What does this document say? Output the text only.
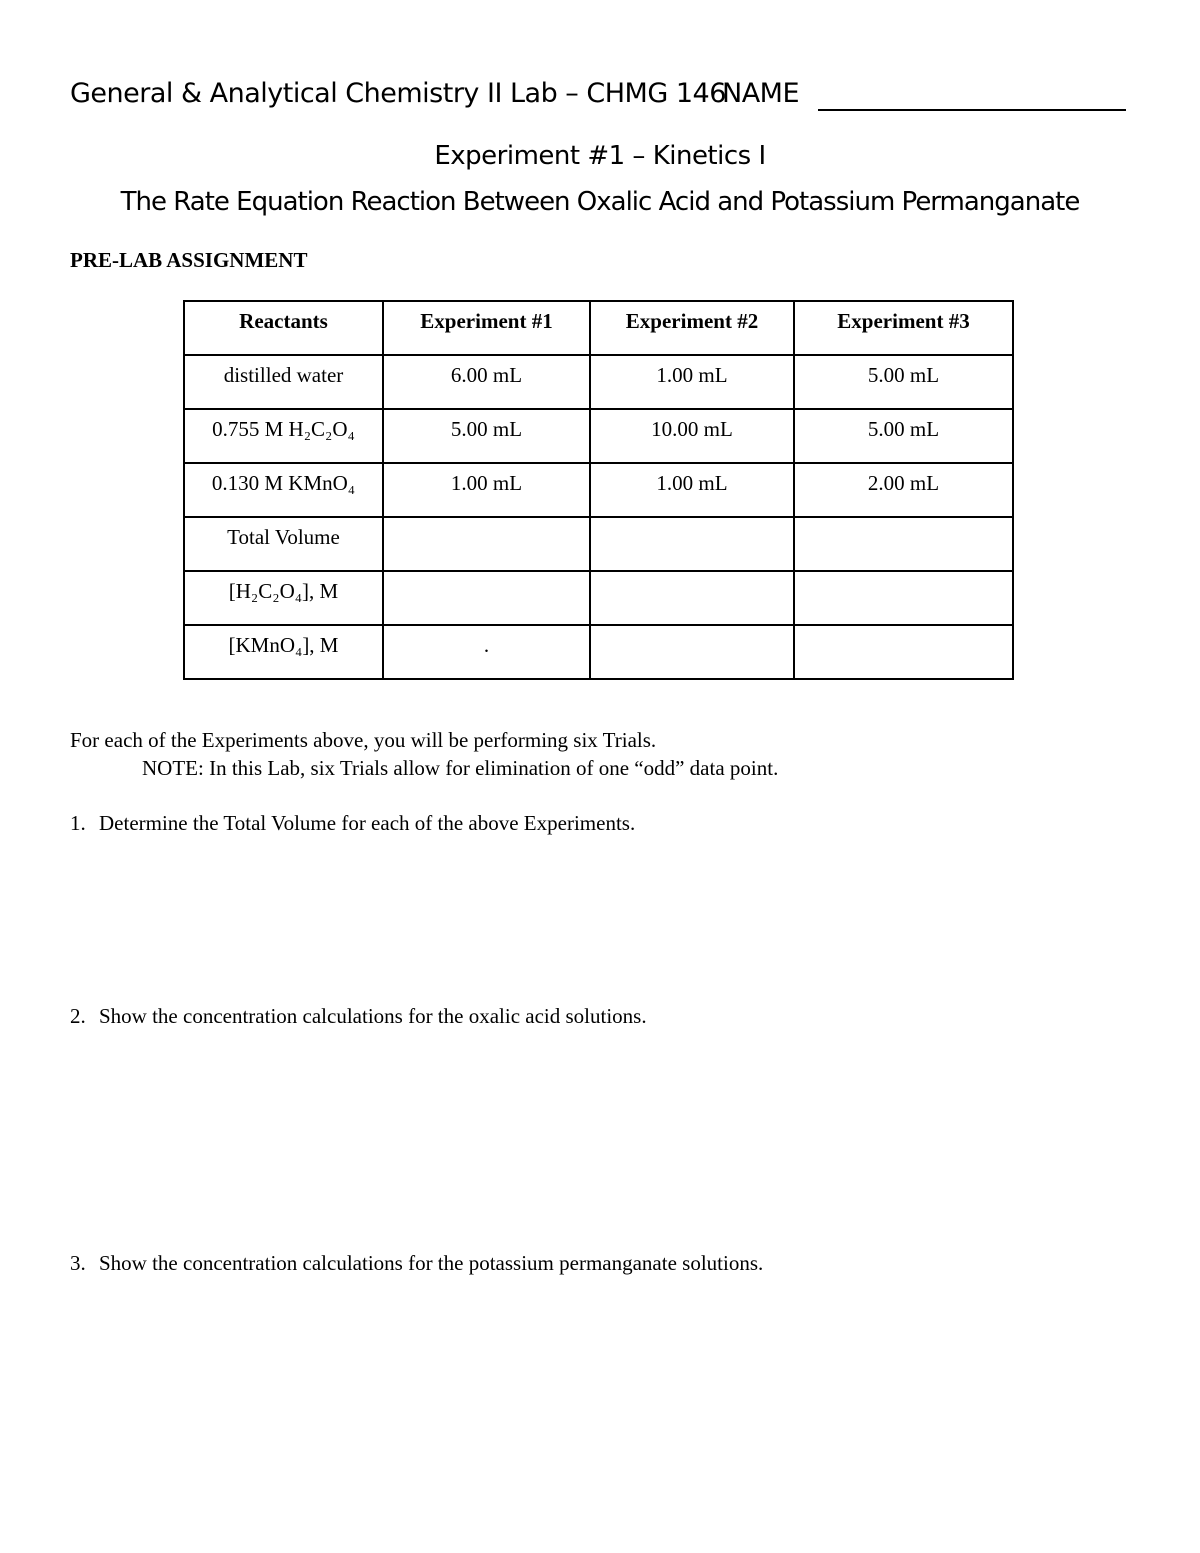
General & Analytical Chemistry II Lab – CHMG 146
NAME
Experiment #1 – Kinetics I
The Rate Equation Reaction Between Oxalic Acid and Potassium Permanganate
PRE-LAB ASSIGNMENT
Reactants	Experiment #1	Experiment #2	Experiment #3
distilled water	6.00 mL	1.00 mL	5.00 mL
0.755 M H₂C₂O₄	5.00 mL	10.00 mL	5.00 mL
0.130 M KMnO₄	1.00 mL	1.00 mL	2.00 mL
Total Volume			
[H₂C₂O₄], M			
[KMnO₄], M	.		
For each of the Experiments above, you will be performing six Trials.
NOTE: In this Lab, six Trials allow for elimination of one “odd” data point.
1. Determine the Total Volume for each of the above Experiments.
2. Show the concentration calculations for the oxalic acid solutions.
3. Show the concentration calculations for the potassium permanganate solutions.
